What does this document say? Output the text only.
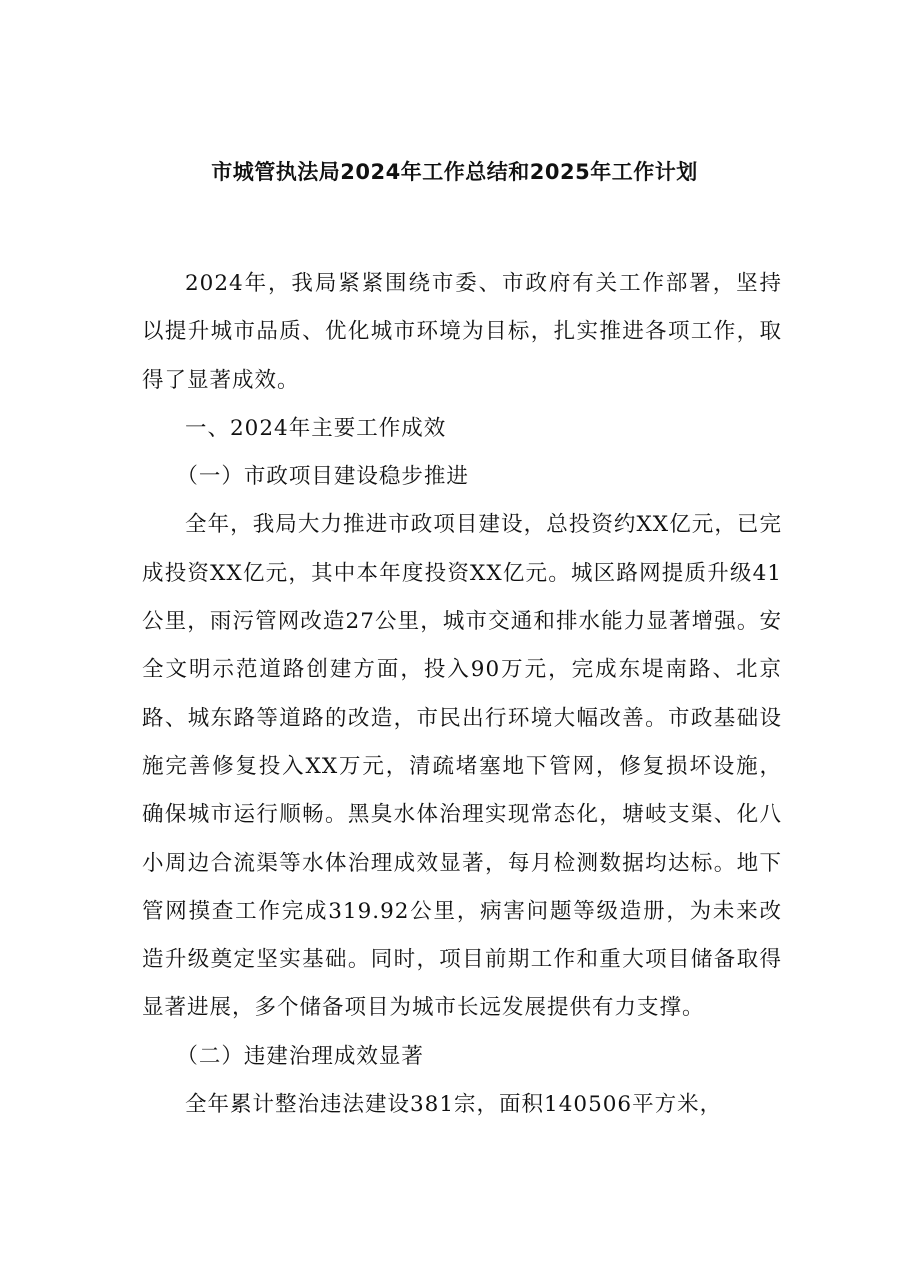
市城管执法局2024年工作总结和2025年工作计划

2024年，我局紧紧围绕市委、市政府有关工作部署，坚持以提升城市品质、优化城市环境为目标，扎实推进各项工作，取得了显著成效。

一、2024年主要工作成效

（一）市政项目建设稳步推进

全年，我局大力推进市政项目建设，总投资约XX亿元，已完成投资XX亿元，其中本年度投资XX亿元。城区路网提质升级41公里，雨污管网改造27公里，城市交通和排水能力显著增强。安全文明示范道路创建方面，投入90万元，完成东堤南路、北京路、城东路等道路的改造，市民出行环境大幅改善。市政基础设施完善修复投入XX万元，清疏堵塞地下管网，修复损坏设施，确保城市运行顺畅。黑臭水体治理实现常态化，塘岐支渠、化八小周边合流渠等水体治理成效显著，每月检测数据均达标。地下管网摸查工作完成319.92公里，病害问题等级造册，为未来改造升级奠定坚实基础。同时，项目前期工作和重大项目储备取得显著进展，多个储备项目为城市长远发展提供有力支撑。

（二）违建治理成效显著

全年累计整治违法建设381宗，面积140506平方米，
